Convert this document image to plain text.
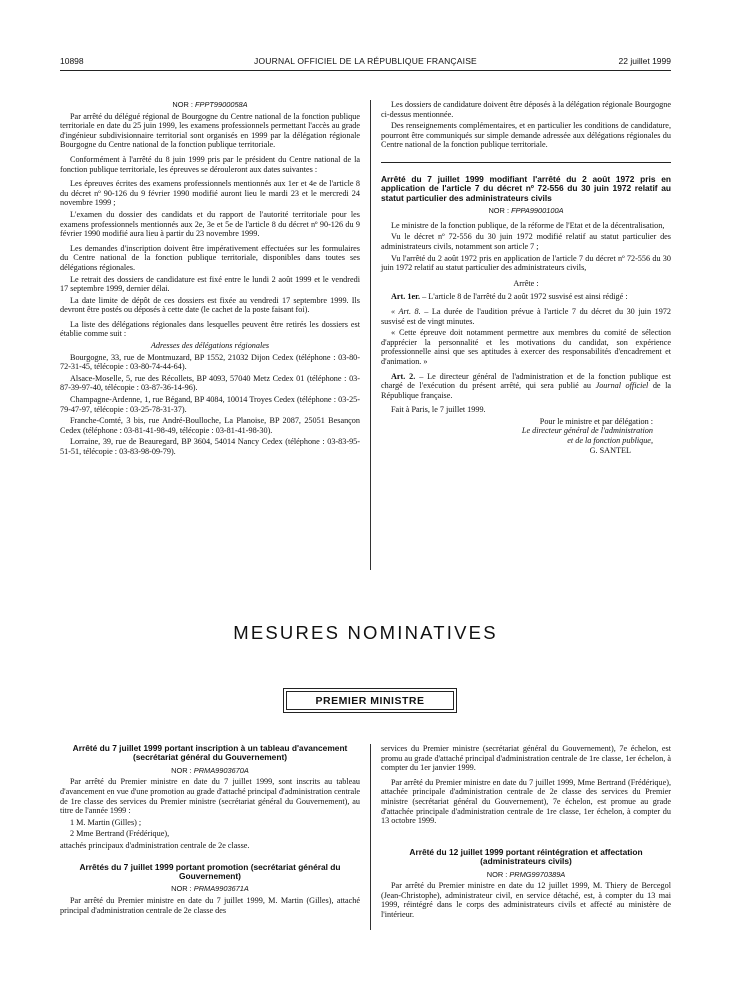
10898	JOURNAL OFFICIEL DE LA RÉPUBLIQUE FRANÇAISE	22 juillet 1999

NOR : FPPT9900058A

Par arrêté du délégué régional de Bourgogne du Centre national de la fonction publique territoriale en date du 25 juin 1999, les examens professionnels permettant l'accès au grade d'ingénieur subdivisionnaire territorial sont organisés en 1999 par la délégation régionale Bourgogne du Centre national de la fonction publique territoriale.

Conformément à l'arrêté du 8 juin 1999 pris par le président du Centre national de la fonction publique territoriale, les épreuves se dérouleront aux dates suivantes :

Les épreuves écrites des examens professionnels mentionnés aux 1er et 4e de l'article 8 du décret nº 90-126 du 9 février 1990 modifié auront lieu le mardi 23 et le mercredi 24 novembre 1999 ;

L'examen du dossier des candidats et du rapport de l'autorité territoriale pour les examens professionnels mentionnés aux 2e, 3e et 5e de l'article 8 du décret nº 90-126 du 9 février 1990 modifié aura lieu à partir du 23 novembre 1999.

Les demandes d'inscription doivent être impérativement effectuées sur les formulaires du Centre national de la fonction publique territoriale, disponibles dans toutes ses délégations régionales.

Le retrait des dossiers de candidature est fixé entre le lundi 2 août 1999 et le vendredi 17 septembre 1999, dernier délai.

La date limite de dépôt de ces dossiers est fixée au vendredi 17 septembre 1999. Ils devront être postés ou déposés à cette date (le cachet de la poste faisant foi).

La liste des délégations régionales dans lesquelles peuvent être retirés les dossiers est établie comme suit :

Adresses des délégations régionales

Bourgogne, 33, rue de Montmuzard, BP 1552, 21032 Dijon Cedex (téléphone : 03-80-72-31-45, télécopie : 03-80-74-44-64).

Alsace-Moselle, 5, rue des Récollets, BP 4093, 57040 Metz Cedex 01 (téléphone : 03-87-39-97-40, télécopie : 03-87-36-14-96).

Champagne-Ardenne, 1, rue Bégand, BP 4084, 10014 Troyes Cedex (téléphone : 03-25-79-47-97, télécopie : 03-25-78-31-37).

Franche-Comté, 3 bis, rue André-Boulloche, La Planoise, BP 2087, 25051 Besançon Cedex (téléphone : 03-81-41-98-49, télécopie : 03-81-41-98-30).

Lorraine, 39, rue de Beauregard, BP 3604, 54014 Nancy Cedex (téléphone : 03-83-95-51-51, télécopie : 03-83-98-09-79).

Les dossiers de candidature doivent être déposés à la délégation régionale Bourgogne ci-dessus mentionnée.

Des renseignements complémentaires, et en particulier les conditions de candidature, pourront être communiqués sur simple demande adressée aux délégations régionales du Centre national de la fonction publique territoriale.

Arrêté du 7 juillet 1999 modifiant l'arrêté du 2 août 1972 pris en application de l'article 7 du décret nº 72-556 du 30 juin 1972 relatif au statut particulier des administrateurs civils

NOR : FPPA9900100A

Le ministre de la fonction publique, de la réforme de l'Etat et de la décentralisation,

Vu le décret nº 72-556 du 30 juin 1972 modifié relatif au statut particulier des administrateurs civils, notamment son article 7 ;

Vu l'arrêté du 2 août 1972 pris en application de l'article 7 du décret nº 72-556 du 30 juin 1972 relatif au statut particulier des administrateurs civils,

Arrête :

Art. 1er. – L'article 8 de l'arrêté du 2 août 1972 susvisé est ainsi rédigé :

« Art. 8. – La durée de l'audition prévue à l'article 7 du décret du 30 juin 1972 susvisé est de vingt minutes.

« Cette épreuve doit notamment permettre aux membres du comité de sélection d'apprécier la personnalité et les motivations du candidat, son expérience professionnelle ainsi que ses aptitudes à exercer des responsabilités d'encadrement et d'animation. »

Art. 2. – Le directeur général de l'administration et de la fonction publique est chargé de l'exécution du présent arrêté, qui sera publié au Journal officiel de la République française.

Fait à Paris, le 7 juillet 1999.

Pour le ministre et par délégation :

Le directeur général de l'administration

et de la fonction publique,

G. SANTEL

MESURES NOMINATIVES
PREMIER MINISTRE
Arrêté du 7 juillet 1999 portant inscription à un tableau d'avancement (secrétariat général du Gouvernement)

NOR : PRMA9903670A

Par arrêté du Premier ministre en date du 7 juillet 1999, sont inscrits au tableau d'avancement en vue d'une promotion au grade d'attaché principal d'administration centrale de 1re classe des services du Premier ministre (secrétariat général du Gouvernement), au titre de l'année 1999 :

1 M. Martin (Gilles) ;

2 Mme Bertrand (Frédérique),

attachés principaux d'administration centrale de 2e classe.

Arrêtés du 7 juillet 1999 portant promotion (secrétariat général du Gouvernement)

NOR : PRMA9903671A

Par arrêté du Premier ministre en date du 7 juillet 1999, M. Martin (Gilles), attaché principal d'administration centrale de 2e classe des

services du Premier ministre (secrétariat général du Gouvernement), 7e échelon, est promu au grade d'attaché principal d'administration centrale de 1re classe, 1er échelon, à compter du 1er janvier 1999.

Par arrêté du Premier ministre en date du 7 juillet 1999, Mme Bertrand (Frédérique), attachée principale d'administration centrale de 2e classe des services du Premier ministre (secrétariat général du Gouvernement), 7e échelon, est promue au grade d'attachée principale d'administration centrale de 1re classe, 1er échelon, à compter du 13 octobre 1999.

Arrêté du 12 juillet 1999 portant réintégration et affectation (administrateurs civils)

NOR : PRMG9970389A

Par arrêté du Premier ministre en date du 12 juillet 1999, M. Thiery de Bercegol (Jean-Christophe), administrateur civil, en service détaché, est, à compter du 13 mai 1999, réintégré dans le corps des administrateurs civils et affecté au ministère de l'intérieur.
